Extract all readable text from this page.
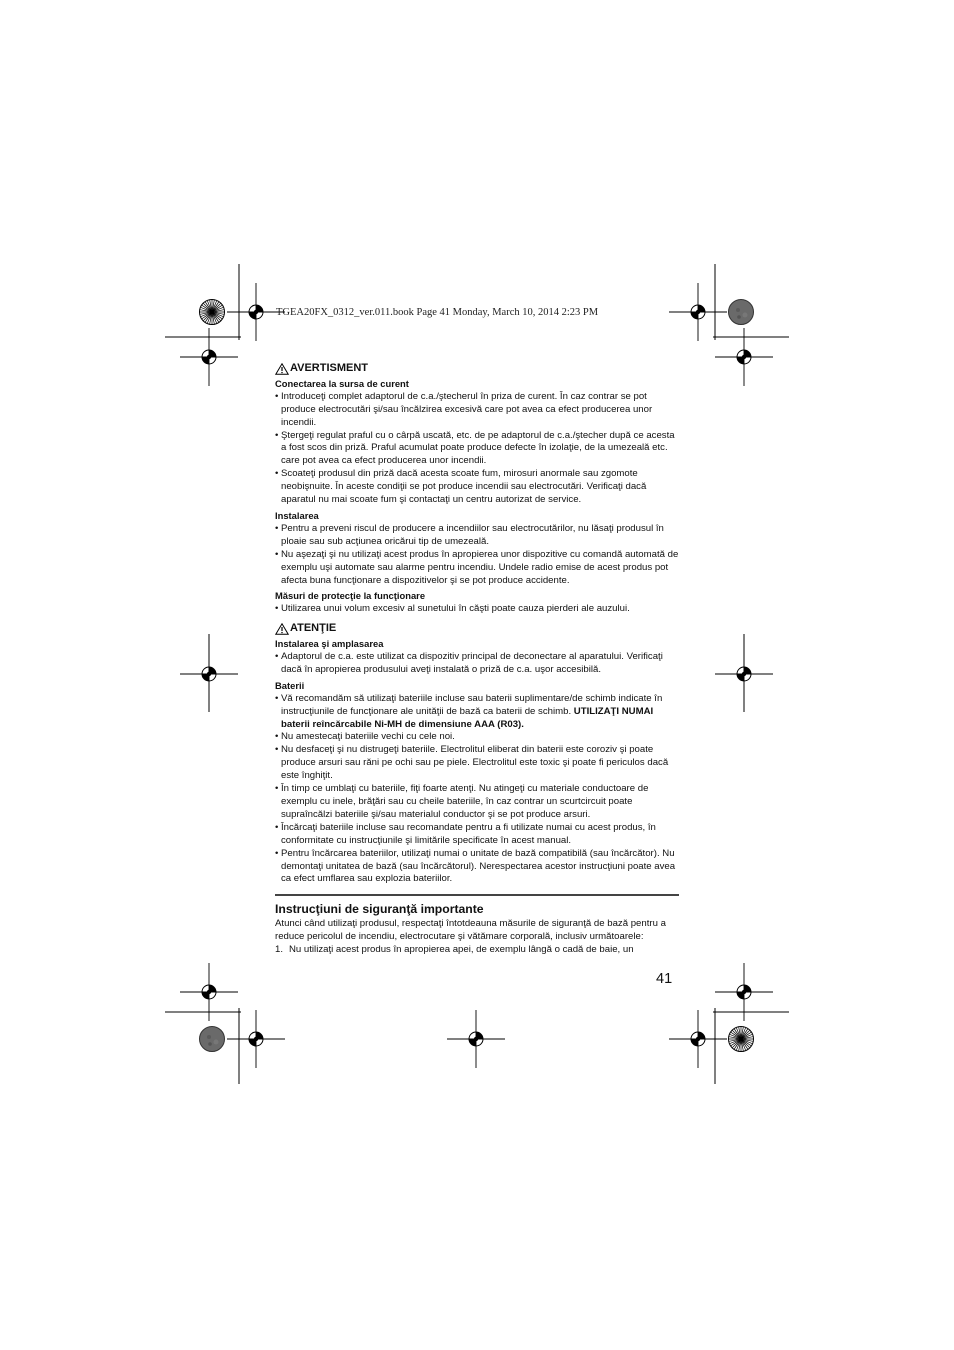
TGEA20FX_0312_ver.011.book Page 41 Monday, March 10, 2014 2:23 PM
AVERTISMENT
Conectarea la sursa de curent
• Introduceţi complet adaptorul de c.a./ştecherul în priza de curent. În caz contrar se pot produce electrocutări şi/sau încălzirea excesivă care pot avea ca efect producerea unor incendii.
• Ştergeţi regulat praful cu o cârpă uscată, etc. de pe adaptorul de c.a./ştecher după ce acesta a fost scos din priză. Praful acumulat poate produce defecte în izolaţie, de la umezeală etc. care pot avea ca efect producerea unor incendii.
• Scoateţi produsul din priză dacă acesta scoate fum, mirosuri anormale sau zgomote neobişnuite. În aceste condiţii se pot produce incendii sau electrocutări. Verificaţi dacă aparatul nu mai scoate fum şi contactaţi un centru autorizat de service.
Instalarea
• Pentru a preveni riscul de producere a incendiilor sau electrocutărilor, nu lăsaţi produsul în ploaie sau sub acţiunea oricărui tip de umezeală.
• Nu aşezaţi şi nu utilizaţi acest produs în apropierea unor dispozitive cu comandă automată de exemplu uşi automate sau alarme pentru incendiu. Undele radio emise de acest produs pot afecta buna funcţionare a dispozitivelor şi se pot produce accidente.
Măsuri de protecţie la funcţionare
• Utilizarea unui volum excesiv al sunetului în căşti poate cauza pierderi ale auzului.
ATENŢIE
Instalarea şi amplasarea
• Adaptorul de c.a. este utilizat ca dispozitiv principal de deconectare al aparatului. Verificaţi dacă în apropierea produsului aveţi instalată o priză de c.a. uşor accesibilă.
Baterii
• Vă recomandăm să utilizaţi bateriile incluse sau baterii suplimentare/de schimb indicate în instrucţiunile de funcţionare ale unităţii de bază ca baterii de schimb. UTILIZAŢI NUMAI baterii reîncărcabile Ni-MH de dimensiune AAA (R03).
• Nu amestecaţi bateriile vechi cu cele noi.
• Nu desfaceţi şi nu distrugeţi bateriile. Electrolitul eliberat din baterii este coroziv şi poate produce arsuri sau răni pe ochi sau pe piele. Electrolitul este toxic şi poate fi periculos dacă este înghiţit.
• În timp ce umblaţi cu bateriile, fiţi foarte atenţi. Nu atingeţi cu materiale conductoare de exemplu cu inele, brăţări sau cu cheile bateriile, în caz contrar un scurtcircuit poate supraîncălzi bateriile şi/sau materialul conductor şi se pot produce arsuri.
• Încărcaţi bateriile incluse sau recomandate pentru a fi utilizate numai cu acest produs, în conformitate cu instrucţiunile şi limitările specificate în acest manual.
• Pentru încărcarea bateriilor, utilizaţi numai o unitate de bază compatibilă (sau încărcător). Nu demontaţi unitatea de bază (sau încărcătorul). Nerespectarea acestor instrucţiuni poate avea ca efect umflarea sau explozia bateriilor.
Instrucţiuni de siguranţă importante

Atunci când utilizaţi produsul, respectaţi întotdeauna măsurile de siguranţă de bază pentru a reduce pericolul de incendiu, electrocutare şi vătămare corporală, inclusiv următoarele:

1. Nu utilizaţi acest produs în apropierea apei, de exemplu lângă o cadă de baie, un
41
